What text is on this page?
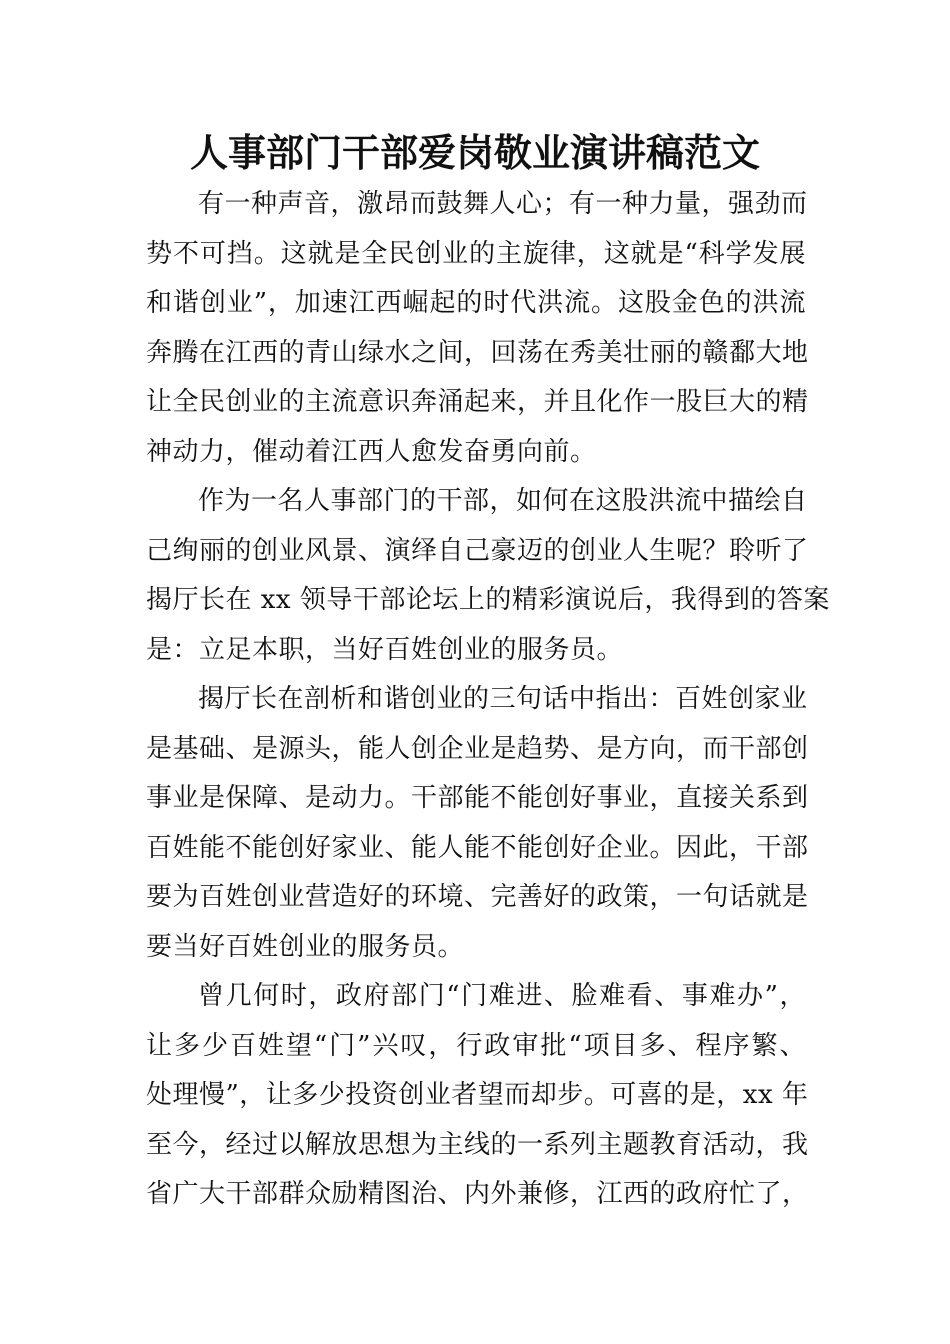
人事部门干部爱岗敬业演讲稿范文
有一种声音，激昂而鼓舞人心；有一种力量，强劲而
势不可挡。这就是全民创业的主旋律，这就是“科学发展
和谐创业”，加速江西崛起的时代洪流。这股金色的洪流
奔腾在江西的青山绿水之间，回荡在秀美壮丽的赣鄱大地
让全民创业的主流意识奔涌起来，并且化作一股巨大的精
神动力，催动着江西人愈发奋勇向前。
作为一名人事部门的干部，如何在这股洪流中描绘自
己绚丽的创业风景、演绎自己豪迈的创业人生呢？聆听了
揭厅长在 xx 领导干部论坛上的精彩演说后，我得到的答案
是：立足本职，当好百姓创业的服务员。
揭厅长在剖析和谐创业的三句话中指出：百姓创家业
是基础、是源头，能人创企业是趋势、是方向，而干部创
事业是保障、是动力。干部能不能创好事业，直接关系到
百姓能不能创好家业、能人能不能创好企业。因此，干部
要为百姓创业营造好的环境、完善好的政策，一句话就是
要当好百姓创业的服务员。
曾几何时，政府部门“门难进、脸难看、事难办”，
让多少百姓望“门”兴叹，行政审批“项目多、程序繁、
处理慢”，让多少投资创业者望而却步。可喜的是，xx 年
至今，经过以解放思想为主线的一系列主题教育活动，我
省广大干部群众励精图治、内外兼修，江西的政府忙了，
